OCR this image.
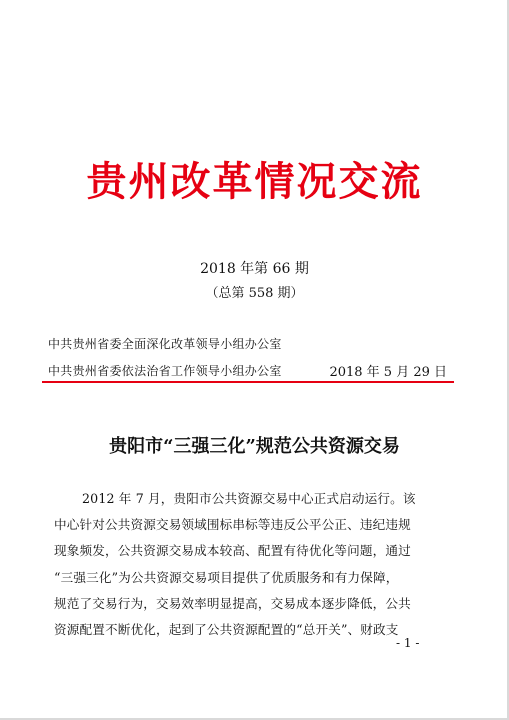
贵州改革情况交流
2018 年第 66 期
（总第 558 期）
中共贵州省委全面深化改革领导小组办公室
中共贵州省委依法治省工作领导小组办公室	2018 年 5 月 29 日
贵阳市“三强三化”规范公共资源交易
2012 年 7 月，贵阳市公共资源交易中心正式启动运行。该
中心针对公共资源交易领域围标串标等违反公平公正、违纪违规
现象频发，公共资源交易成本较高、配置有待优化等问题，通过
“三强三化”为公共资源交易项目提供了优质服务和有力保障，
规范了交易行为，交易效率明显提高，交易成本逐步降低，公共
资源配置不断优化，起到了公共资源配置的“总开关”、财政支
- 1 -
